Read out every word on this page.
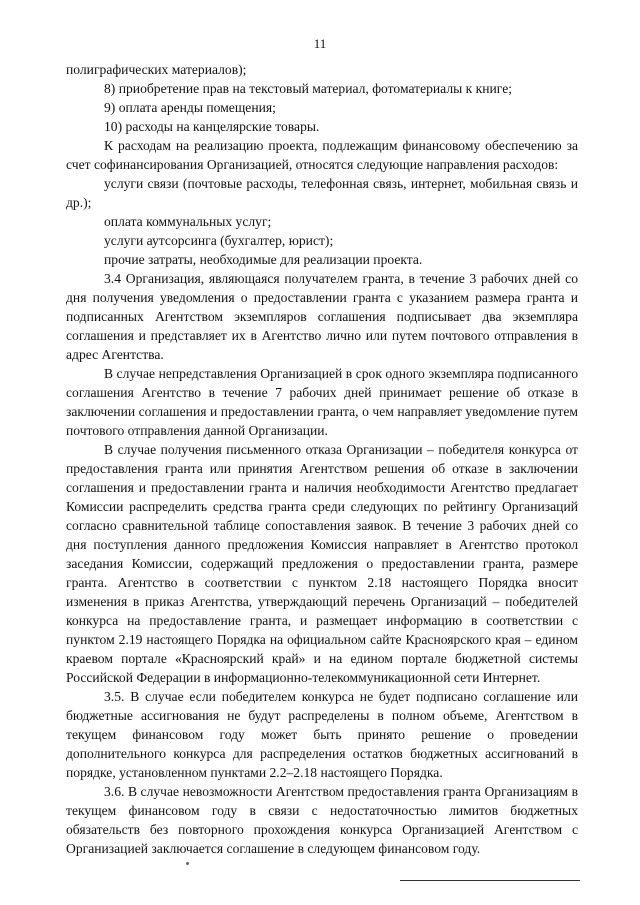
11

полиграфических материалов);

8) приобретение прав на текстовый материал, фотоматериалы к книге;

9) оплата аренды помещения;

10) расходы на канцелярские товары.

К расходам на реализацию проекта, подлежащим финансовому обеспечению за счет софинансирования Организацией, относятся следующие направления расходов:

услуги связи (почтовые расходы, телефонная связь, интернет, мобильная связь и др.);

оплата коммунальных услуг;

услуги аутсорсинга (бухгалтер, юрист);

прочие затраты, необходимые для реализации проекта.

3.4 Организация, являющаяся получателем гранта, в течение 3 рабочих дней со дня получения уведомления о предоставлении гранта с указанием размера гранта и подписанных Агентством экземпляров соглашения подписывает два экземпляра соглашения и представляет их в Агентство лично или путем почтового отправления в адрес Агентства.

В случае непредставления Организацией в срок одного экземпляра подписанного соглашения Агентство в течение 7 рабочих дней принимает решение об отказе в заключении соглашения и предоставлении гранта, о чем направляет уведомление путем почтового отправления данной Организации.

В случае получения письменного отказа Организации – победителя конкурса от предоставления гранта или принятия Агентством решения об отказе в заключении соглашения и предоставлении гранта и наличия необходимости Агентство предлагает Комиссии распределить средства гранта среди следующих по рейтингу Организаций согласно сравнительной таблице сопоставления заявок. В течение 3 рабочих дней со дня поступления данного предложения Комиссия направляет в Агентство протокол заседания Комиссии, содержащий предложения о предоставлении гранта, размере гранта. Агентство в соответствии с пунктом 2.18 настоящего Порядка вносит изменения в приказ Агентства, утверждающий перечень Организаций – победителей конкурса на предоставление гранта, и размещает информацию в соответствии с пунктом 2.19 настоящего Порядка на официальном сайте Красноярского края – едином краевом портале «Красноярский край» и на едином портале бюджетной системы Российской Федерации в информационно-телекоммуникационной сети Интернет.

3.5. В случае если победителем конкурса не будет подписано соглашение или бюджетные ассигнования не будут распределены в полном объеме, Агентством в текущем финансовом году может быть принято решение о проведении дополнительного конкурса для распределения остатков бюджетных ассигнований в порядке, установленном пунктами 2.2–2.18 настоящего Порядка.

3.6. В случае невозможности Агентством предоставления гранта Организациям в текущем финансовом году в связи с недостаточностью лимитов бюджетных обязательств без повторного прохождения конкурса Организацией Агентством с Организацией заключается соглашение в следующем финансовом году.
